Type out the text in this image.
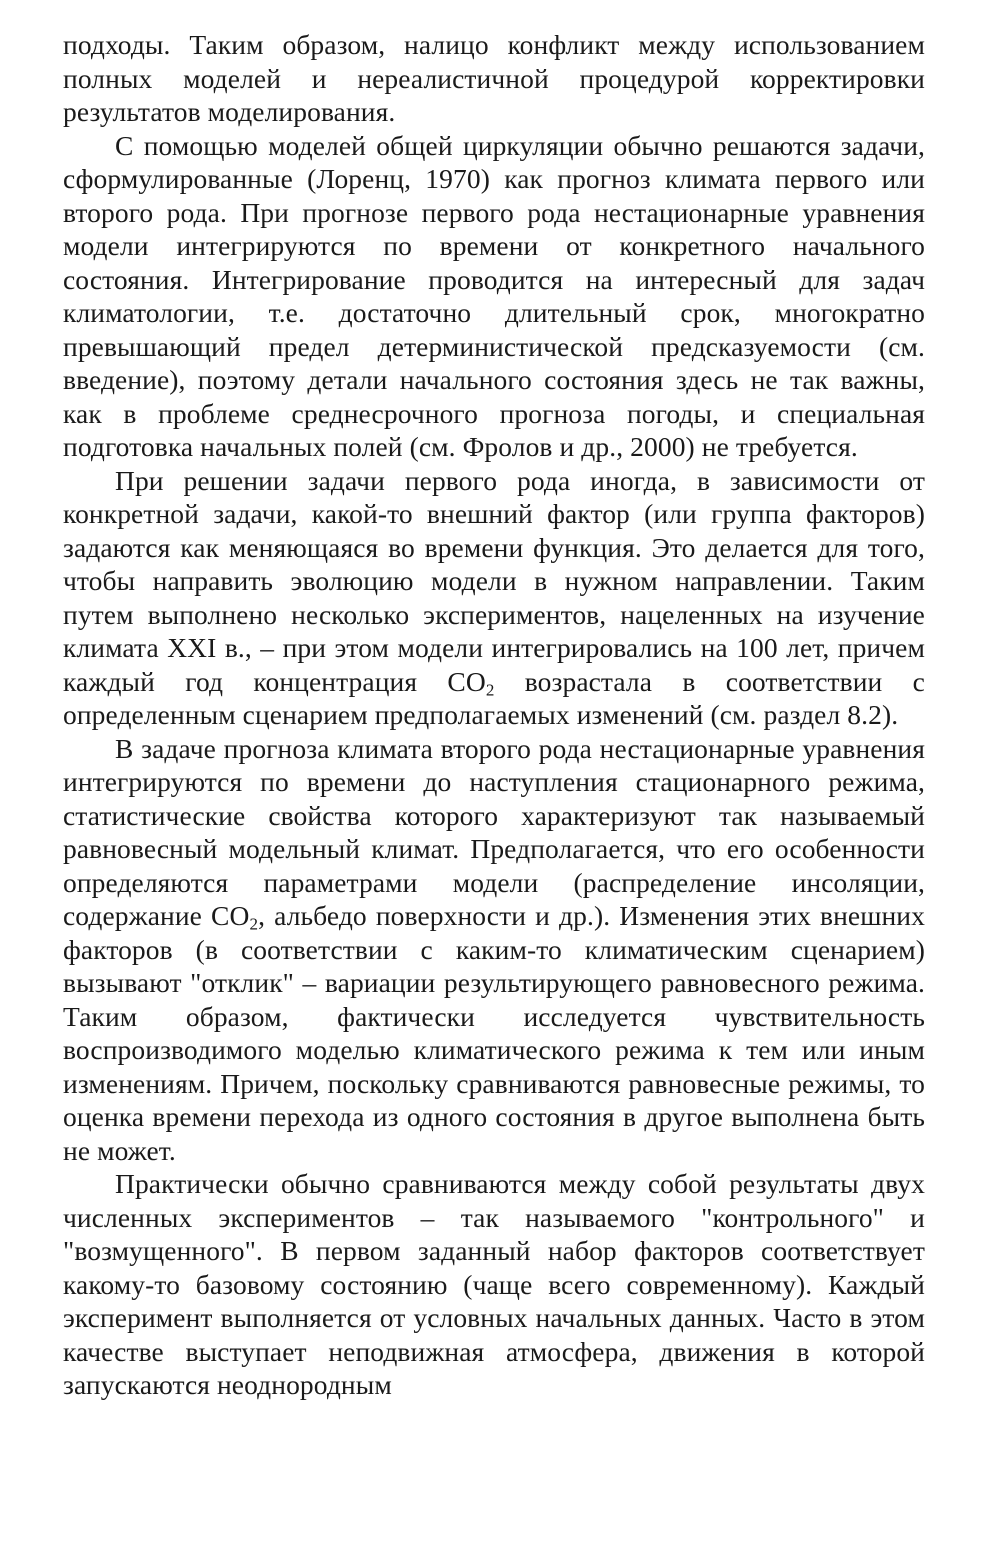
подходы. Таким образом, налицо конфликт между использованием полных моделей и нереалистичной процедурой корректировки результатов моделирования.

С помощью моделей общей циркуляции обычно решаются задачи, сформулированные (Лоренц, 1970) как прогноз климата первого или второго рода. При прогнозе первого рода нестационарные уравнения модели интегрируются по времени от конкретного начального состояния. Интегрирование проводится на интересный для задач климатологии, т.е. достаточно длительный срок, многократно превышающий предел детерминистической предсказуемости (см. введение), поэтому детали начального состояния здесь не так важны, как в проблеме среднесрочного прогноза погоды, и специальная подготовка начальных полей (см. Фролов и др., 2000) не требуется.

При решении задачи первого рода иногда, в зависимости от конкретной задачи, какой-то внешний фактор (или группа факторов) задаются как меняющаяся во времени функция. Это делается для того, чтобы направить эволюцию модели в нужном направлении. Таким путем выполнено несколько экспериментов, нацеленных на изучение климата XXI в., – при этом модели интегрировались на 100 лет, причем каждый год концентрация $CO_2$ возрастала в соответствии с определенным сценарием предполагаемых изменений (см. раздел 8.2).

В задаче прогноза климата второго рода нестационарные уравнения интегрируются по времени до наступления стационарного режима, статистические свойства которого характеризуют так называемый равновесный модельный климат. Предполагается, что его особенности определяются параметрами модели (распределение инсоляции, содержание $CO_2$, альбедо поверхности и др.). Изменения этих внешних факторов (в соответствии с каким-то климатическим сценарием) вызывают "отклик" – вариации результирующего равновесного режима. Таким образом, фактически исследуется чувствительность воспроизводимого моделью климатического режима к тем или иным изменениям. Причем, поскольку сравниваются равновесные режимы, то оценка времени перехода из одного состояния в другое выполнена быть не может.

Практически обычно сравниваются между собой результаты двух численных экспериментов – так называемого "контрольного" и "возмущенного". В первом заданный набор факторов соответствует какому-то базовому состоянию (чаще всего современному). Каждый эксперимент выполняется от условных начальных данных. Часто в этом качестве выступает неподвижная атмосфера, движения в которой запускаются неоднородным
